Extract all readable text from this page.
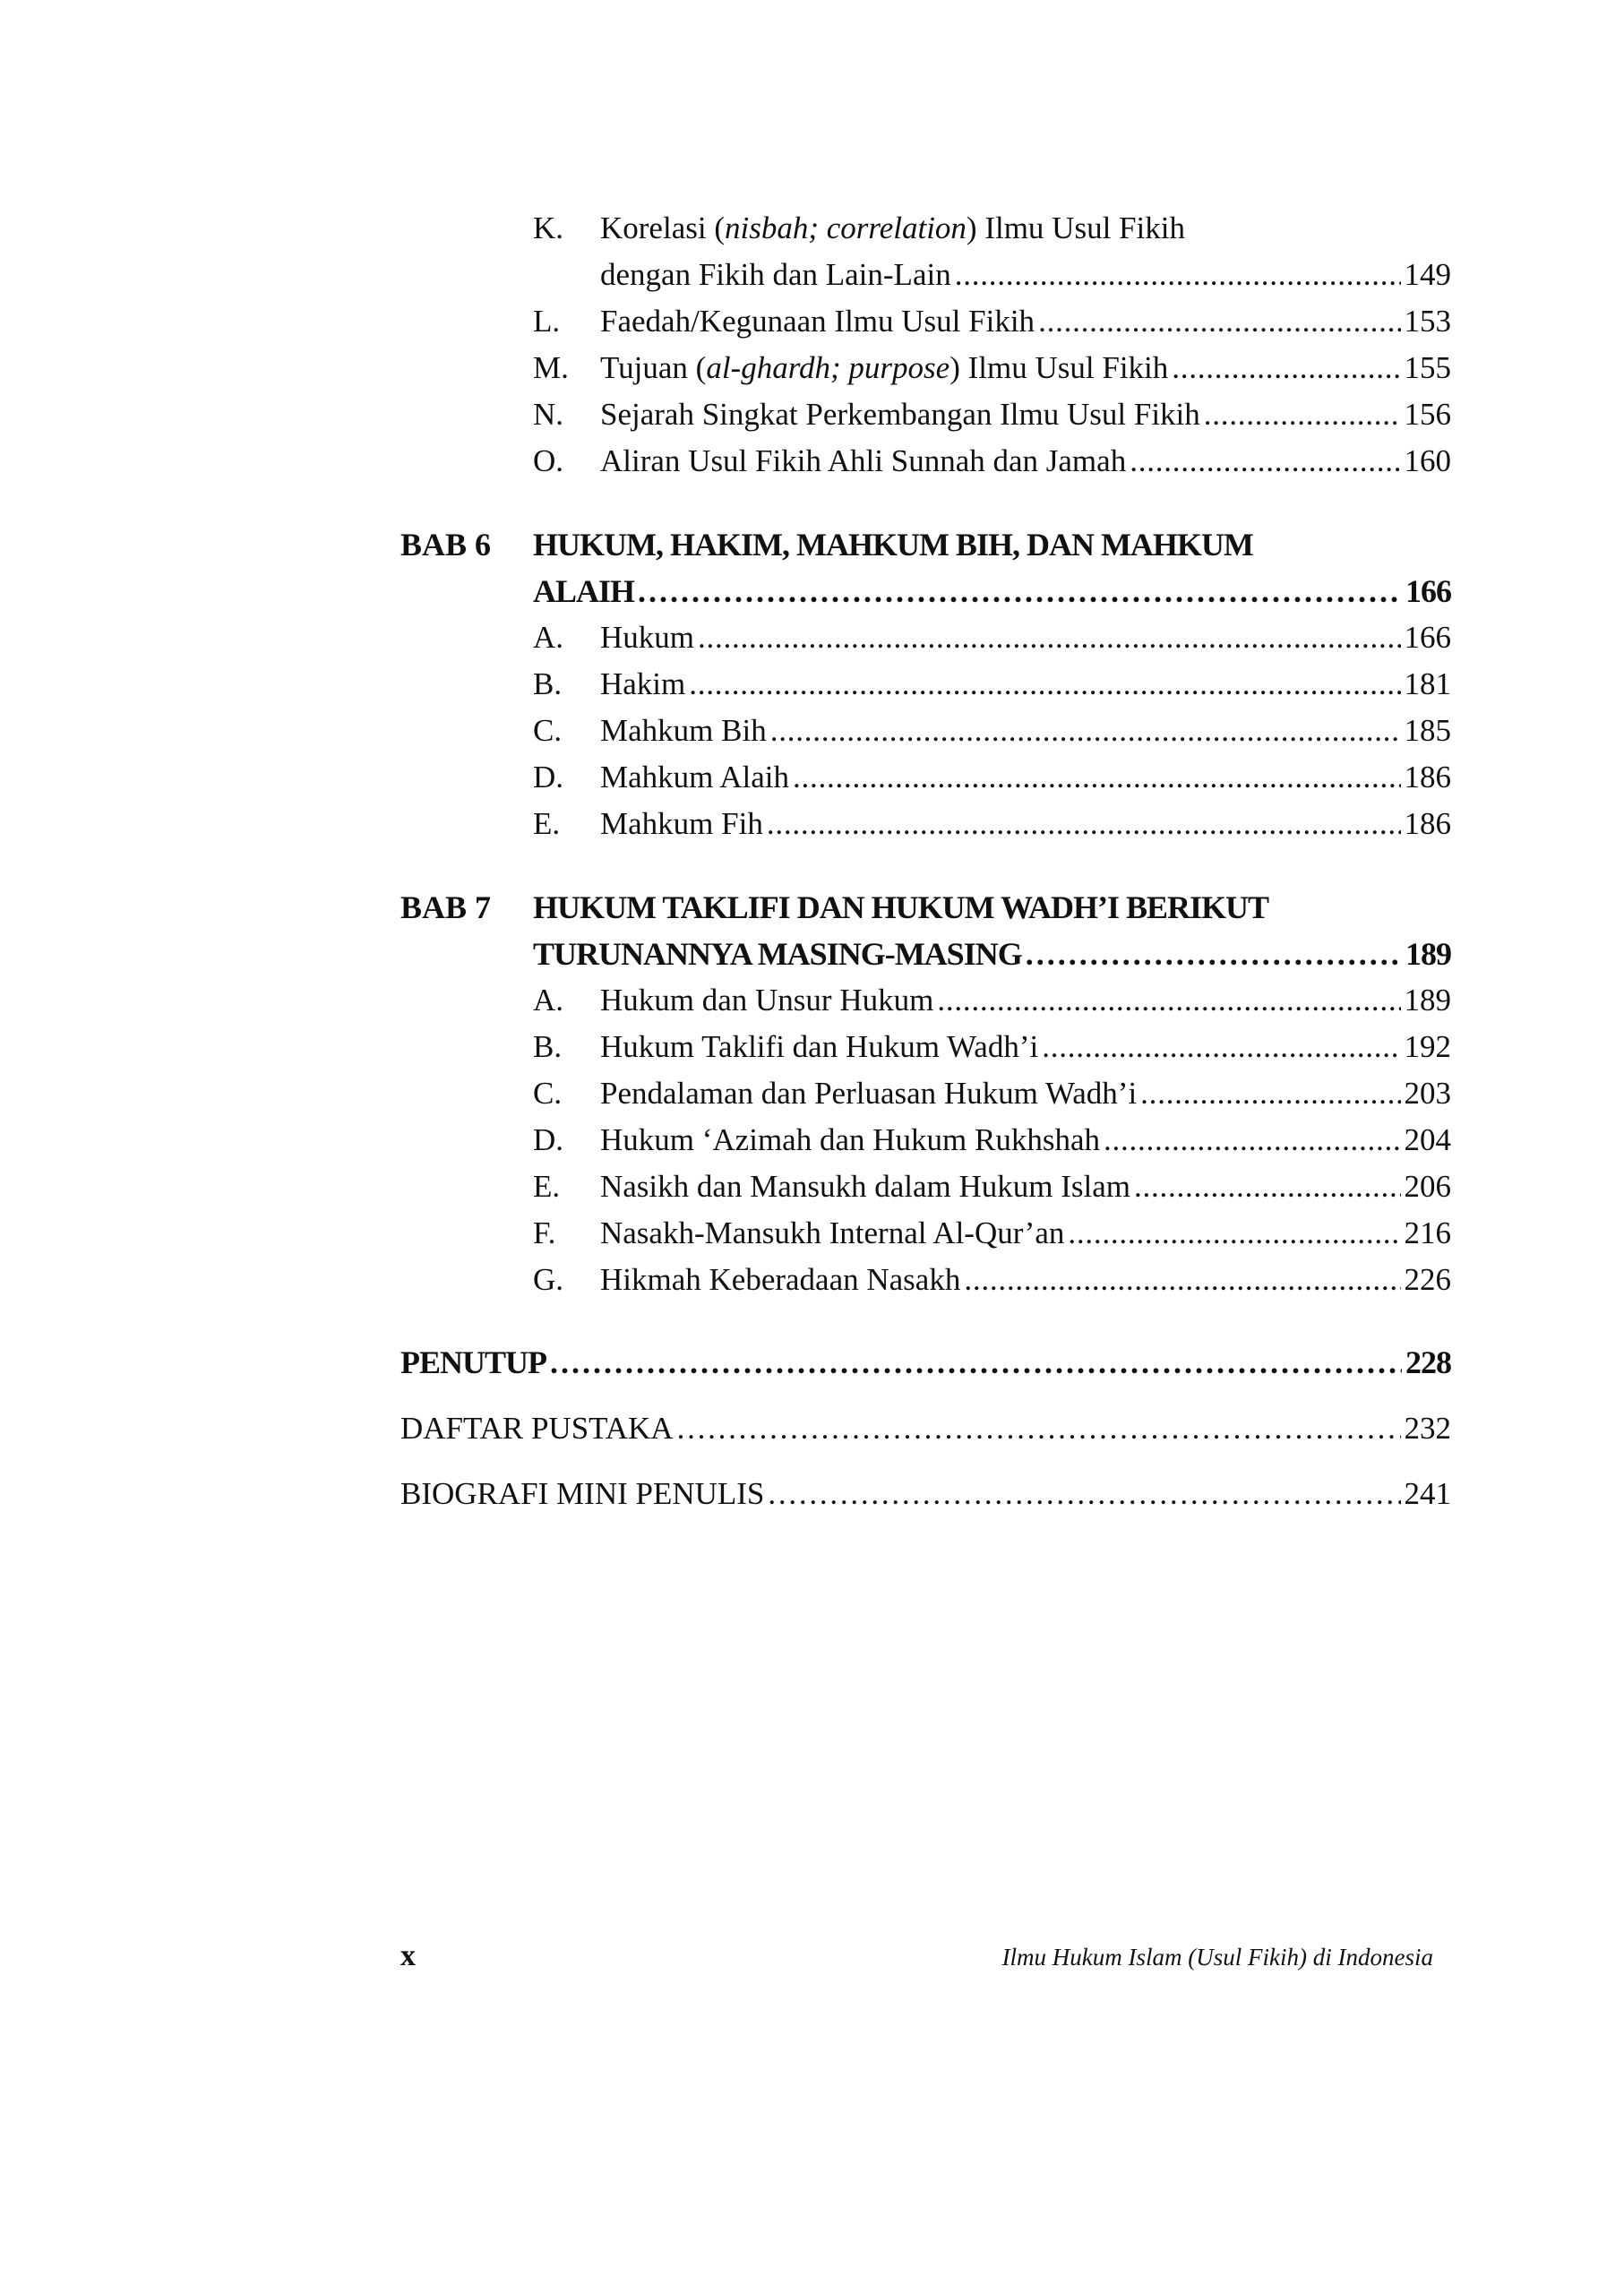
K. Korelasi (nisbah; correlation) Ilmu Usul Fikih
dengan Fikih dan Lain-Lain . . .	149
L. Faedah/Kegunaan Ilmu Usul Fikih . . .	153
M. Tujuan (al-ghardh; purpose) Ilmu Usul Fikih . . .	155
N. Sejarah Singkat Perkembangan Ilmu Usul Fikih . . .	156
O. Aliran Usul Fikih Ahli Sunnah dan Jamah . . .	160
BAB 6 HUKUM, HAKIM, MAHKUM BIH, DAN MAHKUM
ALAIH . . .	166
A. Hukum . . .	166
B. Hakim . . .	181
C. Mahkum Bih . . .	185
D. Mahkum Alaih . . .	186
E. Mahkum Fih . . .	186
BAB 7 HUKUM TAKLIFI DAN HUKUM WADH’I BERIKUT
TURUNANNYA MASING-MASING . . .	189
A. Hukum dan Unsur Hukum . . .	189
B. Hukum Taklifi dan Hukum Wadh’i . . .	192
C. Pendalaman dan Perluasan Hukum Wadh’i . . .	203
D. Hukum ‘Azimah dan Hukum Rukhshah . . .	204
E. Nasikh dan Mansukh dalam Hukum Islam . . .	206
F. Nasakh-Mansukh Internal Al-Qur’an . . .	216
G. Hikmah Keberadaan Nasakh . . .	226
PENUTUP . . .	228
DAFTAR PUSTAKA . . .	232
BIOGRAFI MINI PENULIS . . .	241
x	Ilmu Hukum Islam (Usul Fikih) di Indonesia
